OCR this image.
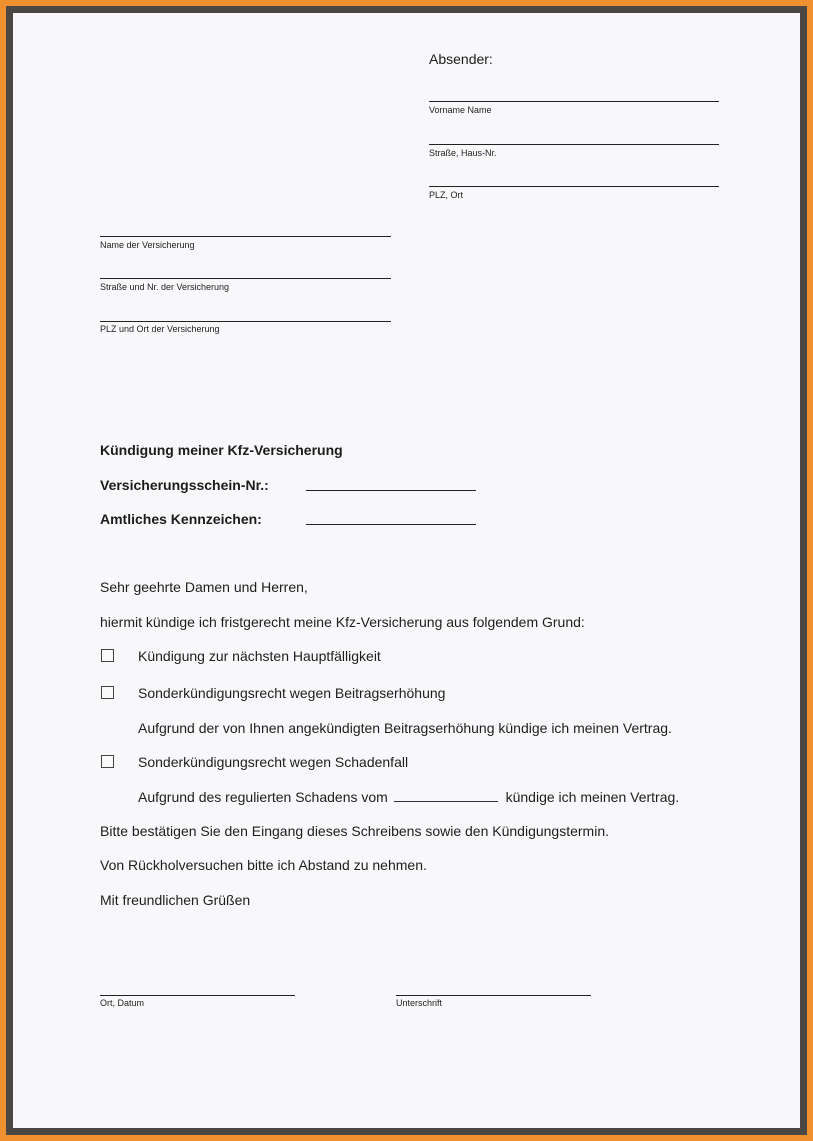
Absender:
Vorname Name
Straße, Haus-Nr.
PLZ, Ort
Name der Versicherung
Straße und Nr. der Versicherung
PLZ und Ort der Versicherung
Kündigung meiner Kfz-Versicherung
Versicherungsschein-Nr.:
Amtliches Kennzeichen:
Sehr geehrte Damen und Herren,
hiermit kündige ich fristgerecht meine Kfz-Versicherung aus folgendem Grund:
Kündigung zur nächsten Hauptfälligkeit
Sonderkündigungsrecht wegen Beitragserhöhung
Aufgrund der von Ihnen angekündigten Beitragserhöhung kündige ich meinen Vertrag.
Sonderkündigungsrecht wegen Schadenfall
Aufgrund des regulierten Schadens vom	kündige ich meinen Vertrag.
Bitte bestätigen Sie den Eingang dieses Schreibens sowie den Kündigungstermin.
Von Rückholversuchen bitte ich Abstand zu nehmen.
Mit freundlichen Grüßen
Ort, Datum	Unterschrift
